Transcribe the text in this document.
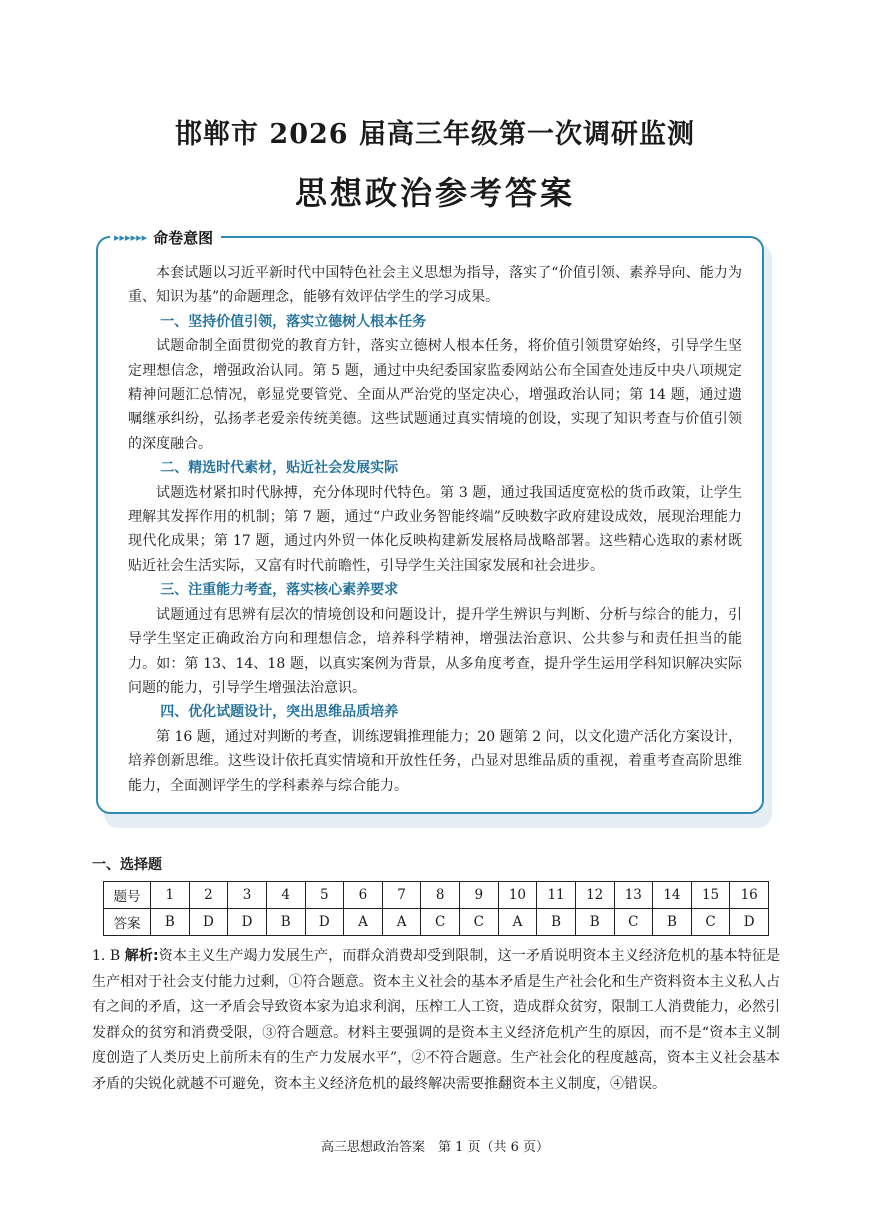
邯郸市 2026 届高三年级第一次调研监测
思想政治参考答案
▸▸▸▸▸▸ 命卷意图

本套试题以习近平新时代中国特色社会主义思想为指导，落实了“价值引领、素养导向、能力为重、知识为基”的命题理念，能够有效评估学生的学习成果。

一、坚持价值引领，落实立德树人根本任务

试题命制全面贯彻党的教育方针，落实立德树人根本任务，将价值引领贯穿始终，引导学生坚定理想信念，增强政治认同。第 5 题，通过中央纪委国家监委网站公布全国查处违反中央八项规定精神问题汇总情况，彰显党要管党、全面从严治党的坚定决心，增强政治认同；第 14 题，通过遗嘱继承纠纷，弘扬孝老爱亲传统美德。这些试题通过真实情境的创设，实现了知识考查与价值引领的深度融合。

二、精选时代素材，贴近社会发展实际

试题选材紧扣时代脉搏，充分体现时代特色。第 3 题，通过我国适度宽松的货币政策，让学生理解其发挥作用的机制；第 7 题，通过“户政业务智能终端”反映数字政府建设成效，展现治理能力现代化成果；第 17 题，通过内外贸一体化反映构建新发展格局战略部署。这些精心选取的素材既贴近社会生活实际，又富有时代前瞻性，引导学生关注国家发展和社会进步。

三、注重能力考查，落实核心素养要求

试题通过有思辨有层次的情境创设和问题设计，提升学生辨识与判断、分析与综合的能力，引导学生坚定正确政治方向和理想信念，培养科学精神，增强法治意识、公共参与和责任担当的能力。如：第 13、14、18 题，以真实案例为背景，从多角度考查，提升学生运用学科知识解决实际问题的能力，引导学生增强法治意识。

四、优化试题设计，突出思维品质培养

第 16 题，通过对判断的考查，训练逻辑推理能力；20 题第 2 问，以文化遗产活化方案设计，培养创新思维。这些设计依托真实情境和开放性任务，凸显对思维品质的重视，着重考查高阶思维能力，全面测评学生的学科素养与综合能力。

一、选择题
题号	1	2	3	4	5	6	7	8	9	10	11	12	13	14	15	16
答案	B	D	D	B	D	A	A	C	C	A	B	B	C	B	C	D
1. B 解析:资本主义生产竭力发展生产，而群众消费却受到限制，这一矛盾说明资本主义经济危机的基本特征是生产相对于社会支付能力过剩，①符合题意。资本主义社会的基本矛盾是生产社会化和生产资料资本主义私人占有之间的矛盾，这一矛盾会导致资本家为追求利润，压榨工人工资，造成群众贫穷，限制工人消费能力，必然引发群众的贫穷和消费受限，③符合题意。材料主要强调的是资本主义经济危机产生的原因，而不是“资本主义制度创造了人类历史上前所未有的生产力发展水平”，②不符合题意。生产社会化的程度越高，资本主义社会基本矛盾的尖锐化就越不可避免，资本主义经济危机的最终解决需要推翻资本主义制度，④错误。
高三思想政治答案　第 1 页（共 6 页）
